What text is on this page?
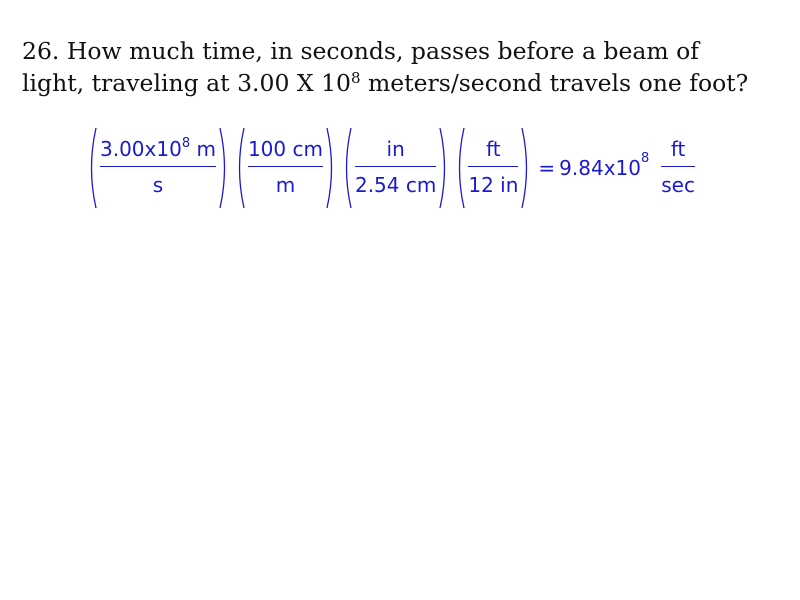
26. How much time, in seconds, passes before a beam of
light, traveling at 3.00 X $10^8$ meters/second travels one foot?
$\frac{3.00x10^8 m}{s} \frac{100 cm}{m} \frac{in}{2.54 cm} \frac{ft}{12 in} = 9.84x10^8 \frac{ft}{\sec}$
